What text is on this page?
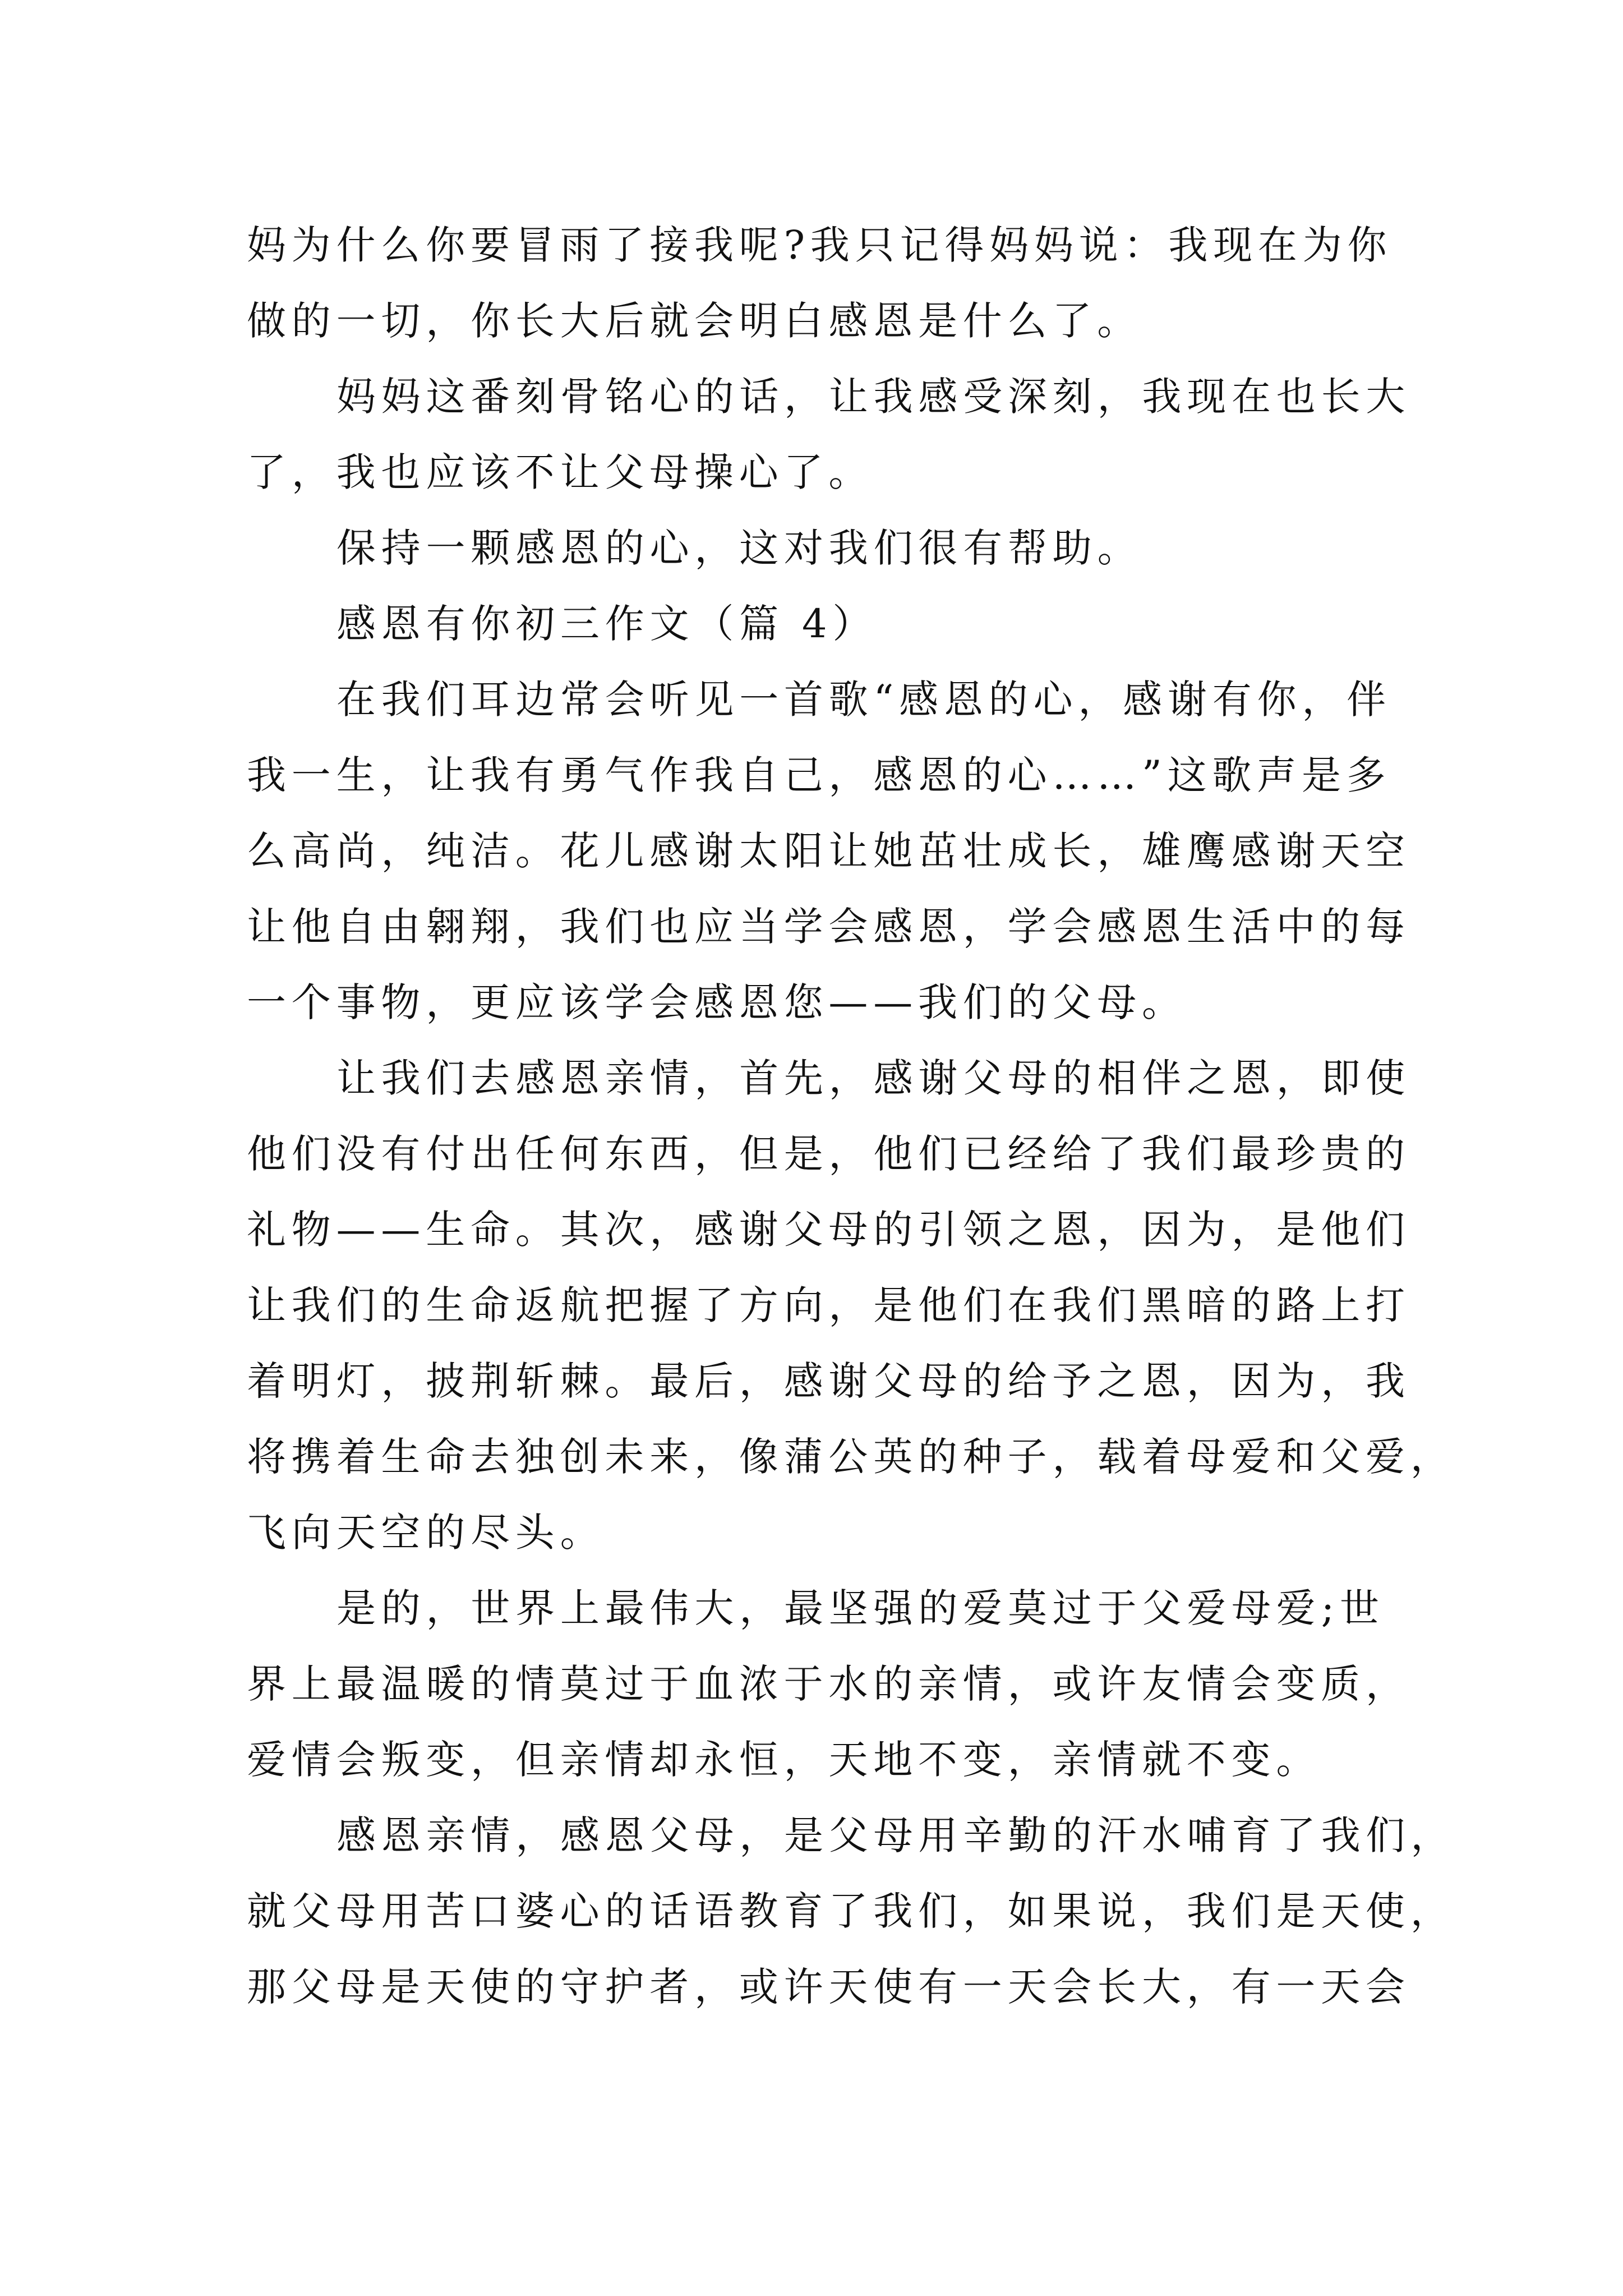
妈为什么你要冒雨了接我呢?我只记得妈妈说：我现在为你
做的一切，你长大后就会明白感恩是什么了。
妈妈这番刻骨铭心的话，让我感受深刻，我现在也长大
了，我也应该不让父母操心了。
保持一颗感恩的心，这对我们很有帮助。
感恩有你初三作文（篇 4）
在我们耳边常会听见一首歌“感恩的心，感谢有你，伴
我一生，让我有勇气作我自己，感恩的心……”这歌声是多
么高尚，纯洁。花儿感谢太阳让她茁壮成长，雄鹰感谢天空
让他自由翱翔，我们也应当学会感恩，学会感恩生活中的每
一个事物，更应该学会感恩您——我们的父母。
让我们去感恩亲情，首先，感谢父母的相伴之恩，即使
他们没有付出任何东西，但是，他们已经给了我们最珍贵的
礼物——生命。其次，感谢父母的引领之恩，因为，是他们
让我们的生命返航把握了方向，是他们在我们黑暗的路上打
着明灯，披荆斩棘。最后，感谢父母的给予之恩，因为，我
将携着生命去独创未来，像蒲公英的种子，载着母爱和父爱，
飞向天空的尽头。
是的，世界上最伟大，最坚强的爱莫过于父爱母爱;世
界上最温暖的情莫过于血浓于水的亲情，或许友情会变质，
爱情会叛变，但亲情却永恒，天地不变，亲情就不变。
感恩亲情，感恩父母，是父母用辛勤的汗水哺育了我们，
就父母用苦口婆心的话语教育了我们，如果说，我们是天使，
那父母是天使的守护者，或许天使有一天会长大，有一天会
